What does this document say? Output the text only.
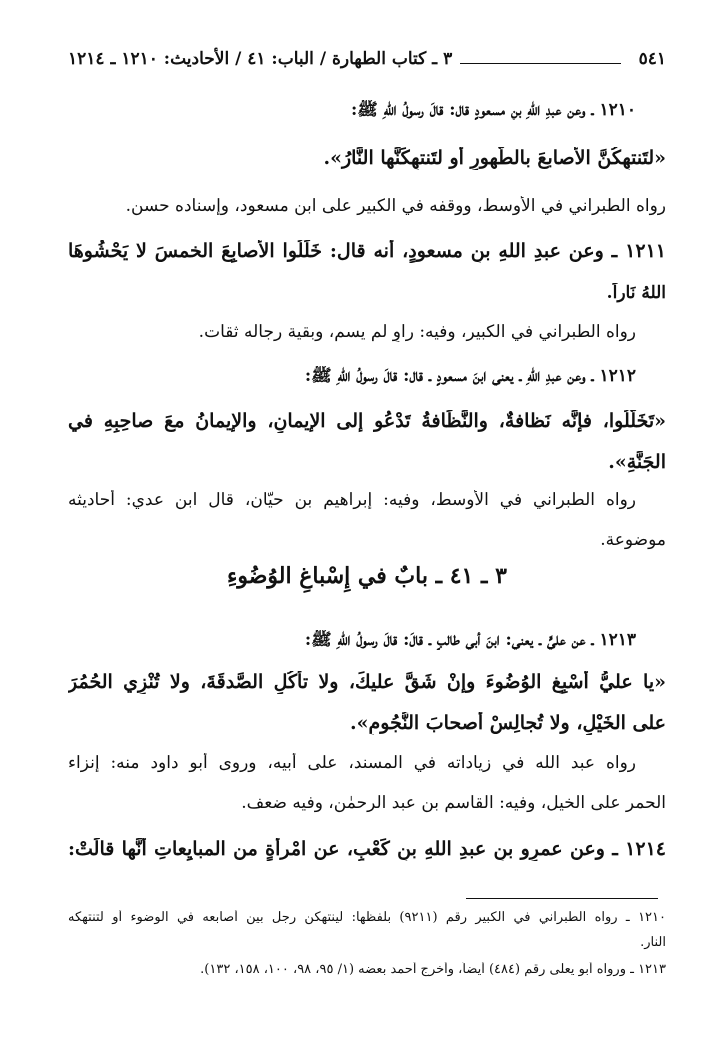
٥٤١
٣ ـ كتاب الطهارة / الباب: ٤١ / الأحاديث: ١٢١٠ ـ ١٢١٤
١٢١٠ ـ وعن عبدِ اللهِ بنِ مسعودٍ قال: قالَ رسولُ اللهِ ﷺ:
«لتَنتهِكُنَّ الأصابعَ بالطُّهورِ أو لتَنتهِكَنَّها النَّارُ».
رواه الطبراني في الأوسط، ووقفه في الكبير على ابن مسعود، وإسناده حسن.
١٢١١ ـ وعن عبدِ اللهِ بنِ مسعودٍ، أنه قال: خَلِّلُوا الأصابِعَ الخمسَ لا يَحْشُوهَا
اللهُ نَاراً.
رواه الطبراني في الكبير، وفيه: راوٍ لم يسم، وبقية رجاله ثقات.
١٢١٢ ـ وعن عبدِ اللهِ ـ يعني ابنَ مسعودٍ ـ قال: قالَ رسولُ اللهِ ﷺ:
«تَخَلَّلُوا، فإنَّه نَظافةٌ، والنَّظَافةُ تَدْعُو إلى الإيمانِ، والإيمانُ معَ صاحِبِهِ في
الجَنَّةِ».
رواه الطبراني في الأوسط، وفيه: إبراهيم بن حيّان، قال ابن عدي: أحاديثه
موضوعة.
٣ ـ ٤١ ـ بابٌ في إِسْباغِ الوُضُوءِ
١٢١٣ ـ عن عليٍّ ـ يعني: ابنَ أبي طالبٍ ـ قالَ: قالَ رسولُ اللهِ ﷺ:
«يا عليُّ أَسْبِغِ الوُضُوءَ وإنْ شَقَّ عليكَ، ولا تأكُلِ الصَّدقَةَ، ولا تُنْزِي الحُمُرَ
على الخَيْلِ، ولا تُجالِسْ أصحابَ النُّجُومِ».
رواه عبد الله في زياداته في المسند، على أبيه، وروى أبو داود منه: إنزاء
الحمر على الخيل، وفيه: القاسم بن عبد الرحمٰن، وفيه ضعف.
١٢١٤ ـ وعن عمرِو بنِ عبدِ اللهِ بنِ كَعْبٍ، عن امْرأةٍ من المبايِعاتِ أنَّها قالَتْ:
١٢١٠ ـ رواه الطبراني في الكبير رقم (٩٢١١) بلفظها: لينتهكن رجل بين أصابعه في الوضوء أو لتنتهكه
النار.
١٢١٣ ـ ورواه أبو يعلى رقم (٤٨٤) أيضاً، وأخرج أحمد بعضه (١/ ٩٥، ٩٨، ١٠٠، ١٥٨، ١٣٢).
